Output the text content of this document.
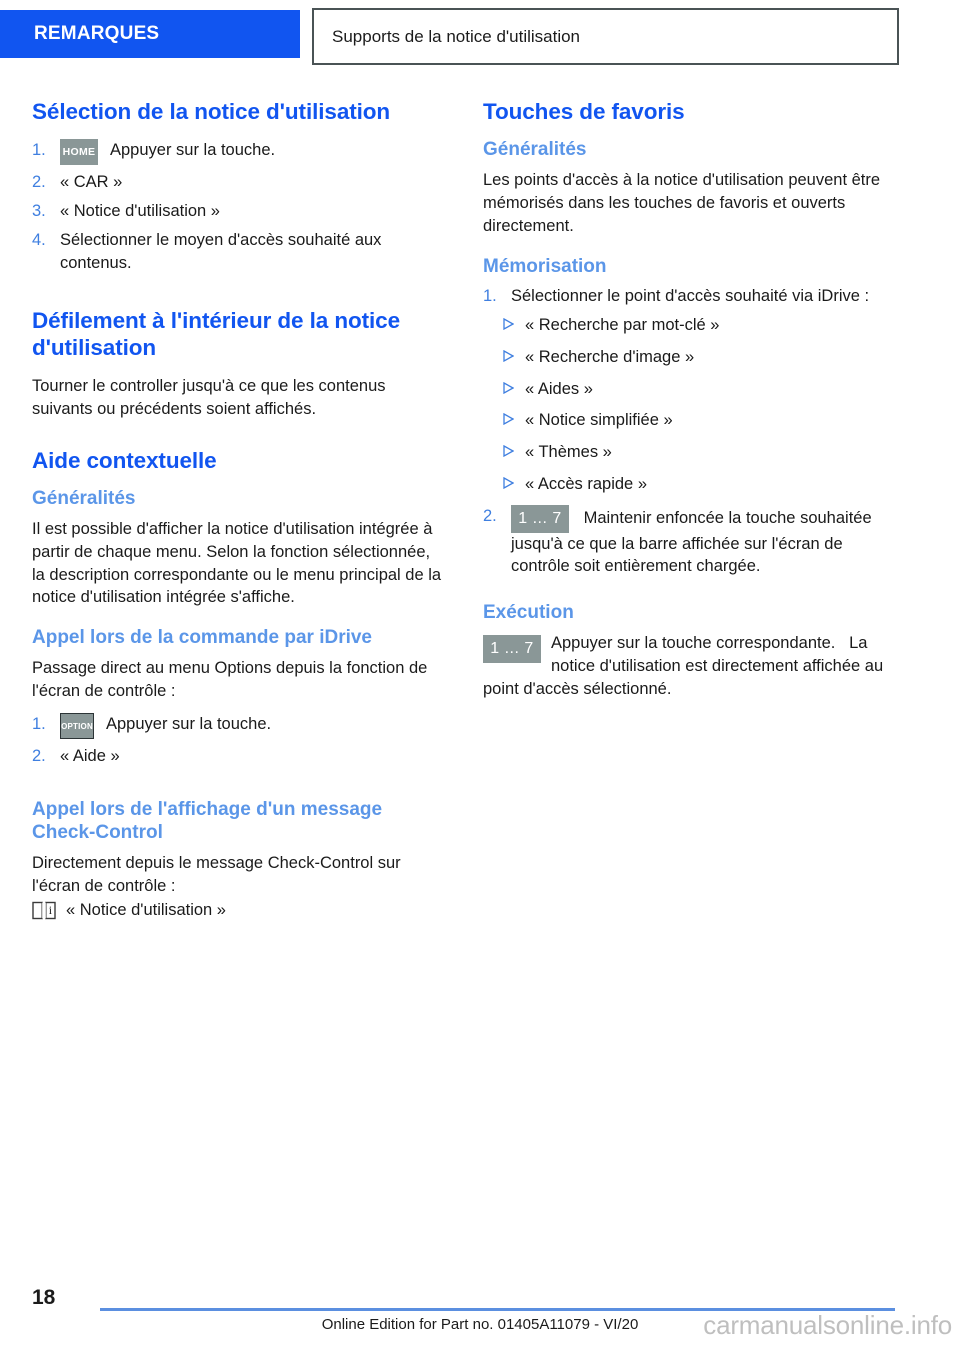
REMARQUES	Supports de la notice d'utilisation
Sélection de la notice d'utilisation
1. HOME Appuyer sur la touche.
2. « CAR »
3. « Notice d'utilisation »
4. Sélectionner le moyen d'accès souhaité aux contenus.
Défilement à l'intérieur de la notice d'utilisation

Tourner le controller jusqu'à ce que les contenus suivants ou précédents soient affichés.

Aide contextuelle
Généralités

Il est possible d'afficher la notice d'utilisation intégrée à partir de chaque menu. Selon la fonction sélectionnée, la description correspondante ou le menu principal de la notice d'utilisation intégrée s'affiche.

Appel lors de la commande par iDrive

Passage direct au menu Options depuis la fonction de l'écran de contrôle :

1. OPTION Appuyer sur la touche.
2. « Aide »
Appel lors de l'affichage d'un message Check-Control

Directement depuis le message Check-Control sur l'écran de contrôle :

i « Notice d'utilisation »
Touches de favoris
Généralités

Les points d'accès à la notice d'utilisation peuvent être mémorisés dans les touches de favoris et ouverts directement.

Mémorisation
1. Sélectionner le point d'accès souhaité via iDrive :
« Recherche par mot-clé »
« Recherche d'image »
« Aides »
« Notice simplifiée »
« Thèmes »
« Accès rapide »
2. 1 ... 7 Maintenir enfoncée la touche souhaitée jusqu'à ce que la barre affichée sur l'écran de contrôle soit entièrement chargée.
Exécution
1 ... 7	Appuyer sur la touche correspondante. La notice d'utilisation est directement affichée au point d'accès sélectionné.
18
Online Edition for Part no. 01405A11079 - VI/20	carmanualsonline.info
